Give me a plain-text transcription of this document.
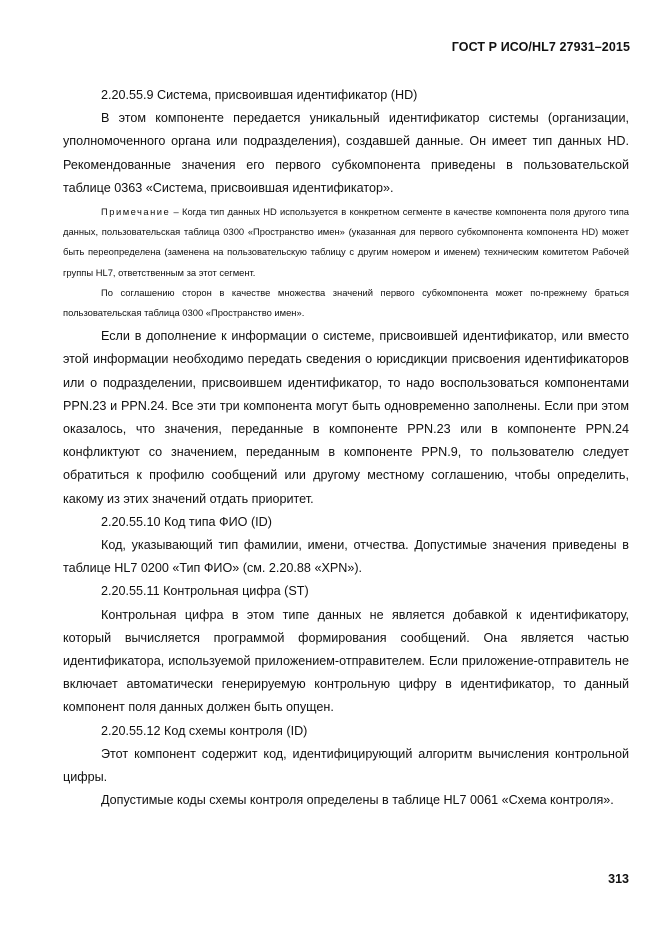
ГОСТ Р ИСО/HL7 27931–2015

2.20.55.9 Система, присвоившая идентификатор (HD)

В этом компоненте передается уникальный идентификатор системы (организации, уполномоченного органа или подразделения), создавшей данные. Он имеет тип данных HD. Рекомендованные значения его первого субкомпонента приведены в пользовательской таблице 0363 «Система, присвоившая идентификатор».

Примечание – Когда тип данных HD используется в конкретном сегменте в качестве компонента поля другого типа данных, пользовательская таблица 0300 «Пространство имен» (указанная для первого субкомпонента компонента HD) может быть переопределена (заменена на пользовательскую таблицу с другим номером и именем) техническим комитетом Рабочей группы HL7, ответственным за этот сегмент.

По соглашению сторон в качестве множества значений первого субкомпонента может по-прежнему браться пользовательская таблица 0300 «Пространство имен».

Если в дополнение к информации о системе, присвоившей идентификатор, или вместо этой информации необходимо передать сведения о юрисдикции присвоения идентификаторов или о подразделении, присвоившем идентификатор, то надо воспользоваться компонентами PPN.23 и PPN.24. Все эти три компонента могут быть одновременно заполнены. Если при этом оказалось, что значения, переданные в компоненте PPN.23 или в компоненте PPN.24 конфликтуют со значением, переданным в компоненте PPN.9, то пользователю следует обратиться к профилю сообщений или другому местному соглашению, чтобы определить, какому из этих значений отдать приоритет.

2.20.55.10 Код типа ФИО (ID)

Код, указывающий тип фамилии, имени, отчества. Допустимые значения приведены в таблице HL7 0200 «Тип ФИО» (см. 2.20.88 «XPN»).

2.20.55.11 Контрольная цифра (ST)

Контрольная цифра в этом типе данных не является добавкой к идентификатору, который вычисляется программой формирования сообщений. Она является частью идентификатора, используемой приложением-отправителем. Если приложение-отправитель не включает автоматически генерируемую контрольную цифру в идентификатор, то данный компонент поля данных должен быть опущен.

2.20.55.12 Код схемы контроля (ID)

Этот компонент содержит код, идентифицирующий алгоритм вычисления контрольной цифры.

Допустимые коды схемы контроля определены в таблице HL7 0061 «Схема контроля».

313
